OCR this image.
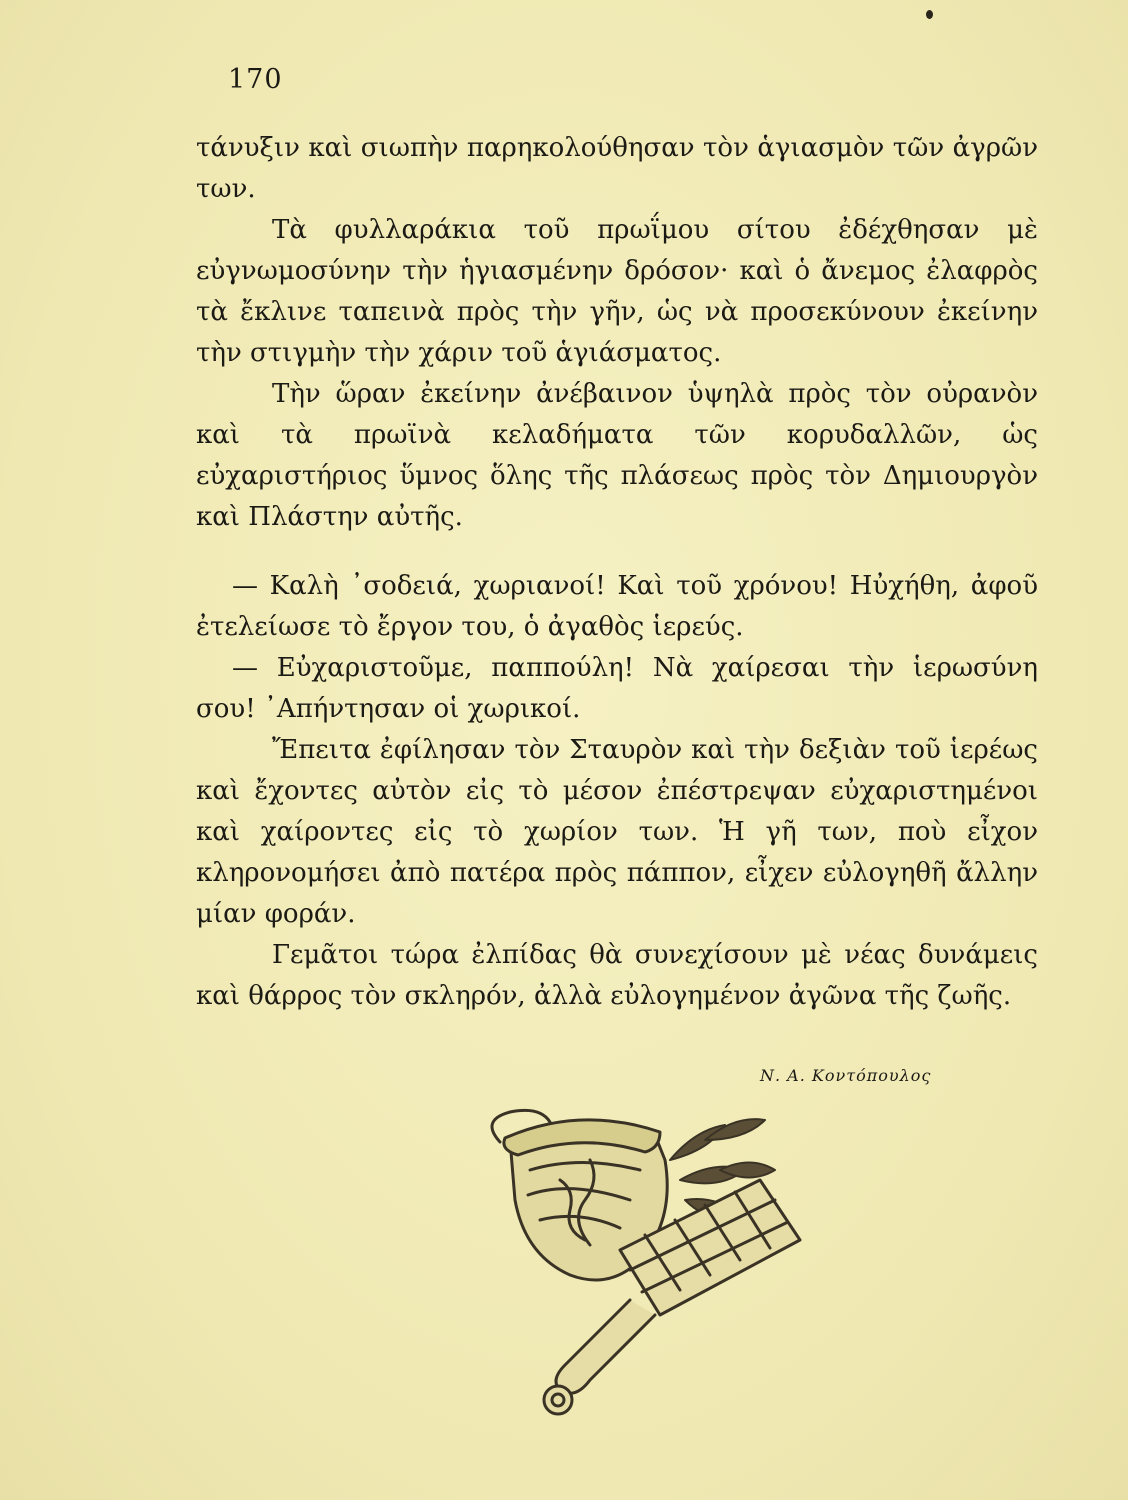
170

τάνυξιν καὶ σιωπὴν παρηκολούθησαν τὸν ἁγιασμὸν τῶν ἀγρῶν των.

Τὰ φυλλαράκια τοῦ πρωΐμου σίτου ἐδέχθησαν μὲ εὐγνωμοσύνην τὴν ἡγιασμένην δρόσον· καὶ ὁ ἄνεμος ἐλαφρὸς τὰ ἔκλινε ταπεινὰ πρὸς τὴν γῆν, ὡς νὰ προσεκύνουν ἐκείνην τὴν στιγμὴν τὴν χάριν τοῦ ἁγιάσματος.

Τὴν ὥραν ἐκείνην ἀνέβαινον ὑψηλὰ πρὸς τὸν οὐρανὸν καὶ τὰ πρωϊνὰ κελαδήματα τῶν κορυδαλλῶν, ὡς εὐχαριστήριος ὕμνος ὅλης τῆς πλάσεως πρὸς τὸν Δημιουργὸν καὶ Πλάστην αὐτῆς.

— Καλὴ ᾽σοδειά, χωριανοί! Καὶ τοῦ χρόνου! Ηὐχήθη, ἀφοῦ ἐτελείωσε τὸ ἔργον του, ὁ ἀγαθὸς ἱερεύς.

— Εὐχαριστοῦμε, παππούλη! Νὰ χαίρεσαι τὴν ἱερωσύνη σου! ᾽Απήντησαν οἱ χωρικοί.

Ἔπειτα ἐφίλησαν τὸν Σταυρὸν καὶ τὴν δεξιὰν τοῦ ἱερέως καὶ ἔχοντες αὐτὸν εἰς τὸ μέσον ἐπέστρεψαν εὐχαριστημένοι καὶ χαίροντες εἰς τὸ χωρίον των. Ἡ γῆ των, ποὺ εἶχον κληρονομήσει ἀπὸ πατέρα πρὸς πάππον, εἶχεν εὐλογηθῆ ἄλλην μίαν φοράν.

Γεμᾶτοι τώρα ἐλπίδας θὰ συνεχίσουν μὲ νέας δυνάμεις καὶ θάρρος τὸν σκληρόν, ἀλλὰ εὐλογημένον ἀγῶνα τῆς ζωῆς.

Ν. Α. Κοντόπουλος
